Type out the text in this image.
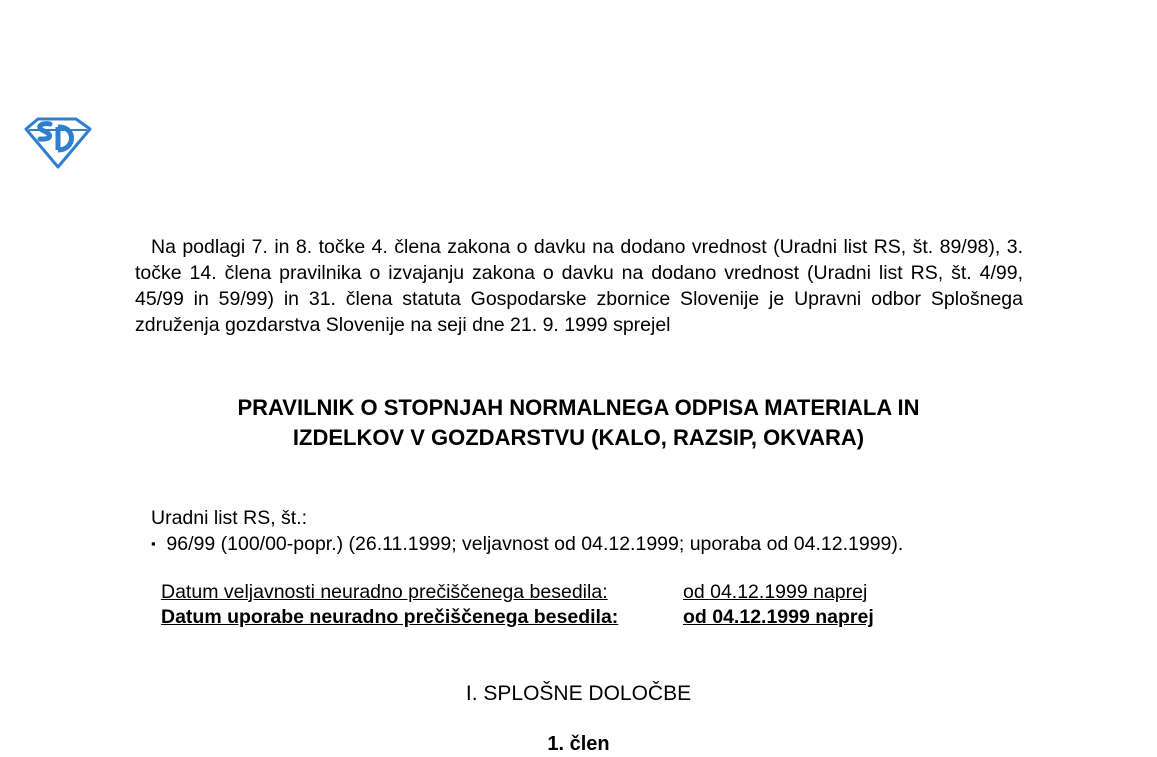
Na podlagi 7. in 8. točke 4. člena zakona o davku na dodano vrednost (Uradni list RS, št. 89/98), 3. točke 14. člena pravilnika o izvajanju zakona o davku na dodano vrednost (Uradni list RS, št. 4/99, 45/99 in 59/99) in 31. člena statuta Gospodarske zbornice Slovenije je Upravni odbor Splošnega združenja gozdarstva Slovenije na seji dne 21. 9. 1999 sprejel
PRAVILNIK O STOPNJAH NORMALNEGA ODPISA MATERIALA IN
IZDELKOV V GOZDARSTVU (KALO, RAZSIP, OKVARA)
Uradni list RS, št.:
▪ 96/99 (100/00-popr.) (26.11.1999; veljavnost od 04.12.1999; uporaba od 04.12.1999).
Datum veljavnosti neuradno prečiščenega besedila:	od 04.12.1999 naprej
Datum uporabe neuradno prečiščenega besedila:	od 04.12.1999 naprej
I. SPLOŠNE DOLOČBE
1. člen
